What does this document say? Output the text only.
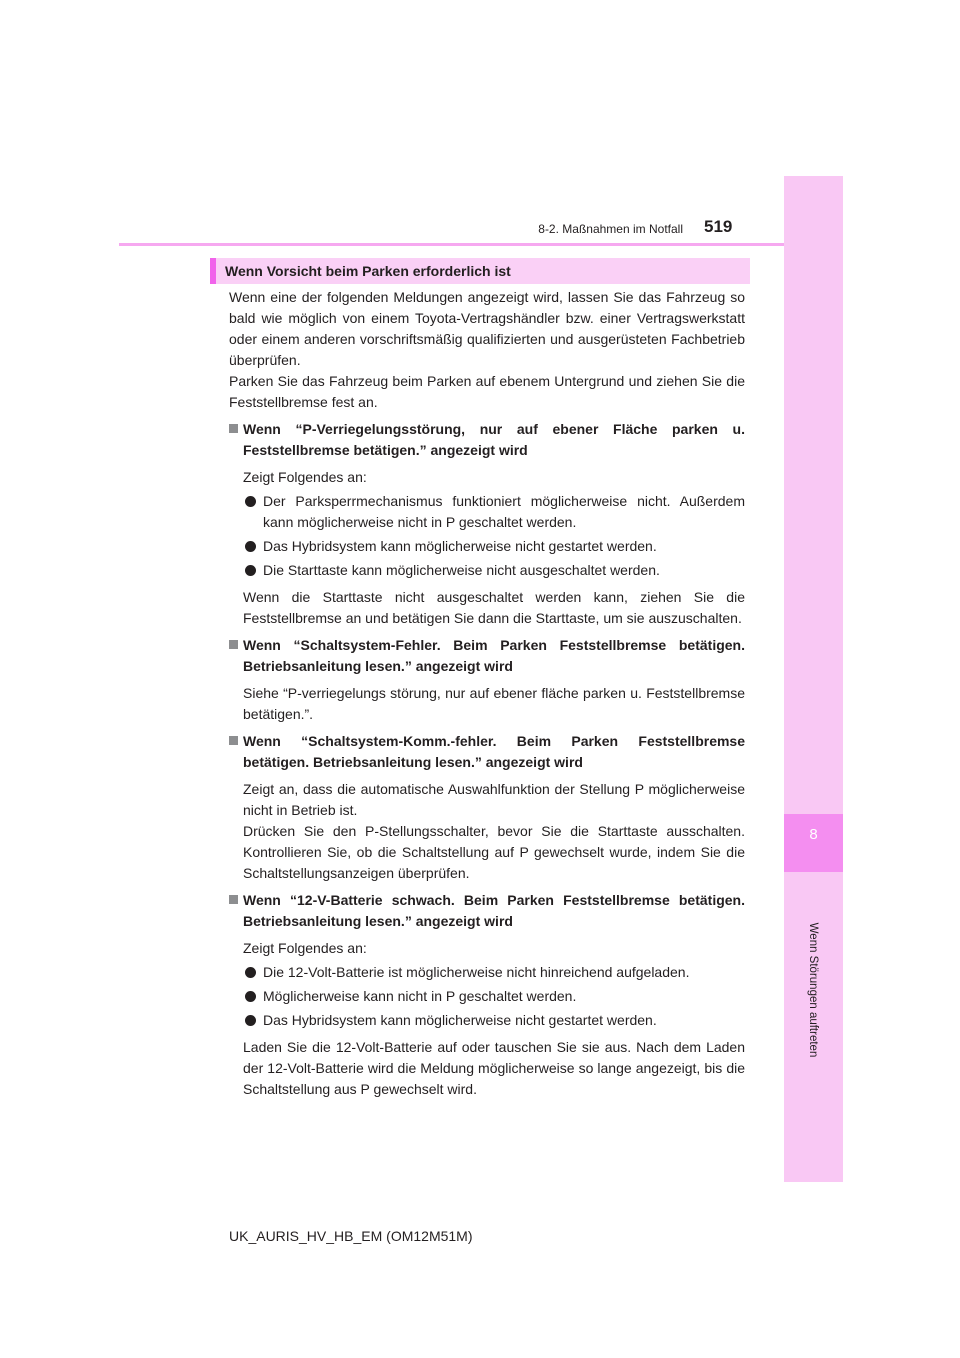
8
Wenn Störungen auftreten
8-2. Maßnahmen im Notfall 519
Wenn Vorsicht beim Parken erforderlich ist

Wenn eine der folgenden Meldungen angezeigt wird, lassen Sie das Fahrzeug so bald wie möglich von einem Toyota-Vertragshändler bzw. einer Vertragswerkstatt oder einem anderen vorschriftsmäßig qualifizierten und ausgerüsteten Fachbetrieb überprüfen.

Parken Sie das Fahrzeug beim Parken auf ebenem Untergrund und ziehen Sie die Feststellbremse fest an.

Wenn “P-Verriegelungsstörung, nur auf ebener Fläche parken u. Feststellbremse betätigen.” angezeigt wird
Zeigt Folgendes an:
Der Parksperrmechanismus funktioniert möglicherweise nicht. Außerdem kann möglicherweise nicht in P geschaltet werden.
Das Hybridsystem kann möglicherweise nicht gestartet werden.
Die Starttaste kann möglicherweise nicht ausgeschaltet werden.
Wenn die Starttaste nicht ausgeschaltet werden kann, ziehen Sie die Feststellbremse an und betätigen Sie dann die Starttaste, um sie auszuschalten.
Wenn “Schaltsystem-Fehler. Beim Parken Feststellbremse betätigen. Betriebsanleitung lesen.” angezeigt wird
Siehe “P-verriegelungs störung, nur auf ebener fläche parken u. Feststellbremse betätigen.”.
Wenn “Schaltsystem-Komm.-fehler. Beim Parken Feststellbremse betätigen. Betriebsanleitung lesen.” angezeigt wird
Zeigt an, dass die automatische Auswahlfunktion der Stellung P möglicherweise nicht in Betrieb ist.
Drücken Sie den P-Stellungsschalter, bevor Sie die Starttaste ausschalten. Kontrollieren Sie, ob die Schaltstellung auf P gewechselt wurde, indem Sie die Schaltstellungsanzeigen überprüfen.
Wenn “12-V-Batterie schwach. Beim Parken Feststellbremse betätigen. Betriebsanleitung lesen.” angezeigt wird
Zeigt Folgendes an:
Die 12-Volt-Batterie ist möglicherweise nicht hinreichend aufgeladen.
Möglicherweise kann nicht in P geschaltet werden.
Das Hybridsystem kann möglicherweise nicht gestartet werden.
Laden Sie die 12-Volt-Batterie auf oder tauschen Sie sie aus. Nach dem Laden der 12-Volt-Batterie wird die Meldung möglicherweise so lange angezeigt, bis die Schaltstellung aus P gewechselt wird.
UK_AURIS_HV_HB_EM (OM12M51M)
